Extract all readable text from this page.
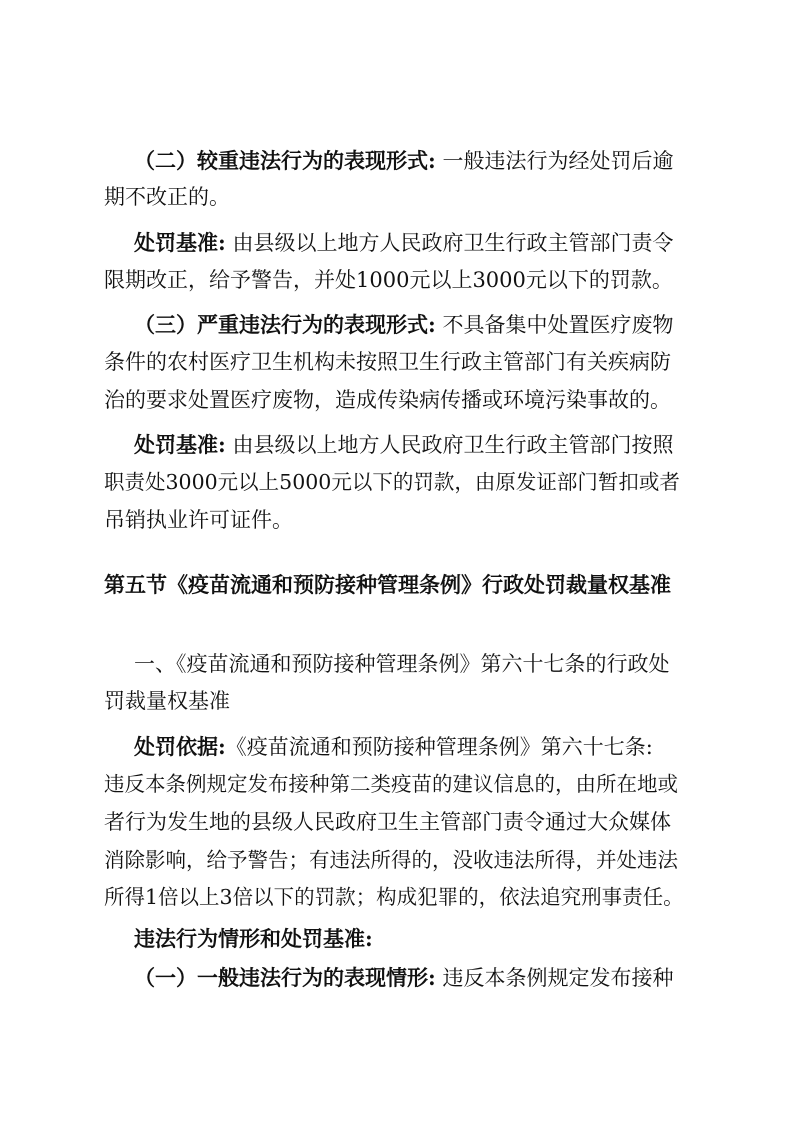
（二）较重违法行为的表现形式: 一般违法行为经处罚后逾
期不改正的。
处罚基准: 由县级以上地方人民政府卫生行政主管部门责令
限期改正，给予警告，并处1000元以上3000元以下的罚款。
（三）严重违法行为的表现形式: 不具备集中处置医疗废物
条件的农村医疗卫生机构未按照卫生行政主管部门有关疾病防
治的要求处置医疗废物，造成传染病传播或环境污染事故的。
处罚基准: 由县级以上地方人民政府卫生行政主管部门按照
职责处3000元以上5000元以下的罚款，由原发证部门暂扣或者
吊销执业许可证件。
第五节《疫苗流通和预防接种管理条例》行政处罚裁量权基准
一、《疫苗流通和预防接种管理条例》第六十七条的行政处
罚裁量权基准
处罚依据:《疫苗流通和预防接种管理条例》第六十七条:
违反本条例规定发布接种第二类疫苗的建议信息的，由所在地或
者行为发生地的县级人民政府卫生主管部门责令通过大众媒体
消除影响，给予警告；有违法所得的，没收违法所得，并处违法
所得1倍以上3倍以下的罚款；构成犯罪的，依法追究刑事责任。
违法行为情形和处罚基准:
（一）一般违法行为的表现情形: 违反本条例规定发布接种
